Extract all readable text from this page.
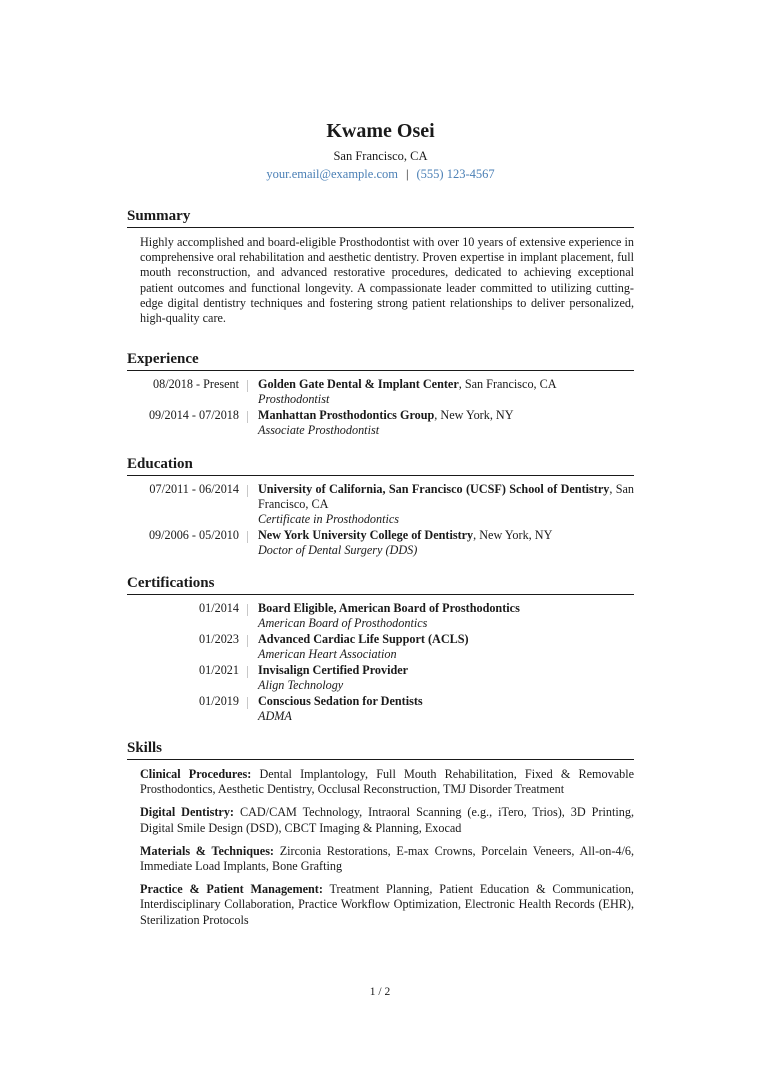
Kwame Osei
San Francisco, CA
your.email@example.com | (555) 123-4567
Summary
Highly accomplished and board-eligible Prosthodontist with over 10 years of extensive experience in comprehensive oral rehabilitation and aesthetic dentistry. Proven expertise in implant placement, full mouth reconstruction, and advanced restorative procedures, dedicated to achieving exceptional patient outcomes and functional longevity. A compassionate leader committed to utilizing cutting-edge digital dentistry techniques and fostering strong patient relationships to deliver personalized, high-quality care.
Experience
08/2018 - Present Golden Gate Dental & Implant Center, San Francisco, CA
Prosthodontist
09/2014 - 07/2018 Manhattan Prosthodontics Group, New York, NY
Associate Prosthodontist
Education
07/2011 - 06/2014 University of California, San Francisco (UCSF) School of Dentistry, San Francisco, CA
Certificate in Prosthodontics
09/2006 - 05/2010 New York University College of Dentistry, New York, NY
Doctor of Dental Surgery (DDS)
Certifications
01/2014 Board Eligible, American Board of Prosthodontics
American Board of Prosthodontics
01/2023 Advanced Cardiac Life Support (ACLS)
American Heart Association
01/2021 Invisalign Certified Provider
Align Technology
01/2019 Conscious Sedation for Dentists
ADMA
Skills
Clinical Procedures: Dental Implantology, Full Mouth Rehabilitation, Fixed & Removable Prosthodontics, Aesthetic Dentistry, Occlusal Reconstruction, TMJ Disorder Treatment
Digital Dentistry: CAD/CAM Technology, Intraoral Scanning (e.g., iTero, Trios), 3D Printing, Digital Smile Design (DSD), CBCT Imaging & Planning, Exocad
Materials & Techniques: Zirconia Restorations, E-max Crowns, Porcelain Veneers, All-on-4/6, Immediate Load Implants, Bone Grafting
Practice & Patient Management: Treatment Planning, Patient Education & Communication, Interdisciplinary Collaboration, Practice Workflow Optimization, Electronic Health Records (EHR), Sterilization Protocols
1 / 2
